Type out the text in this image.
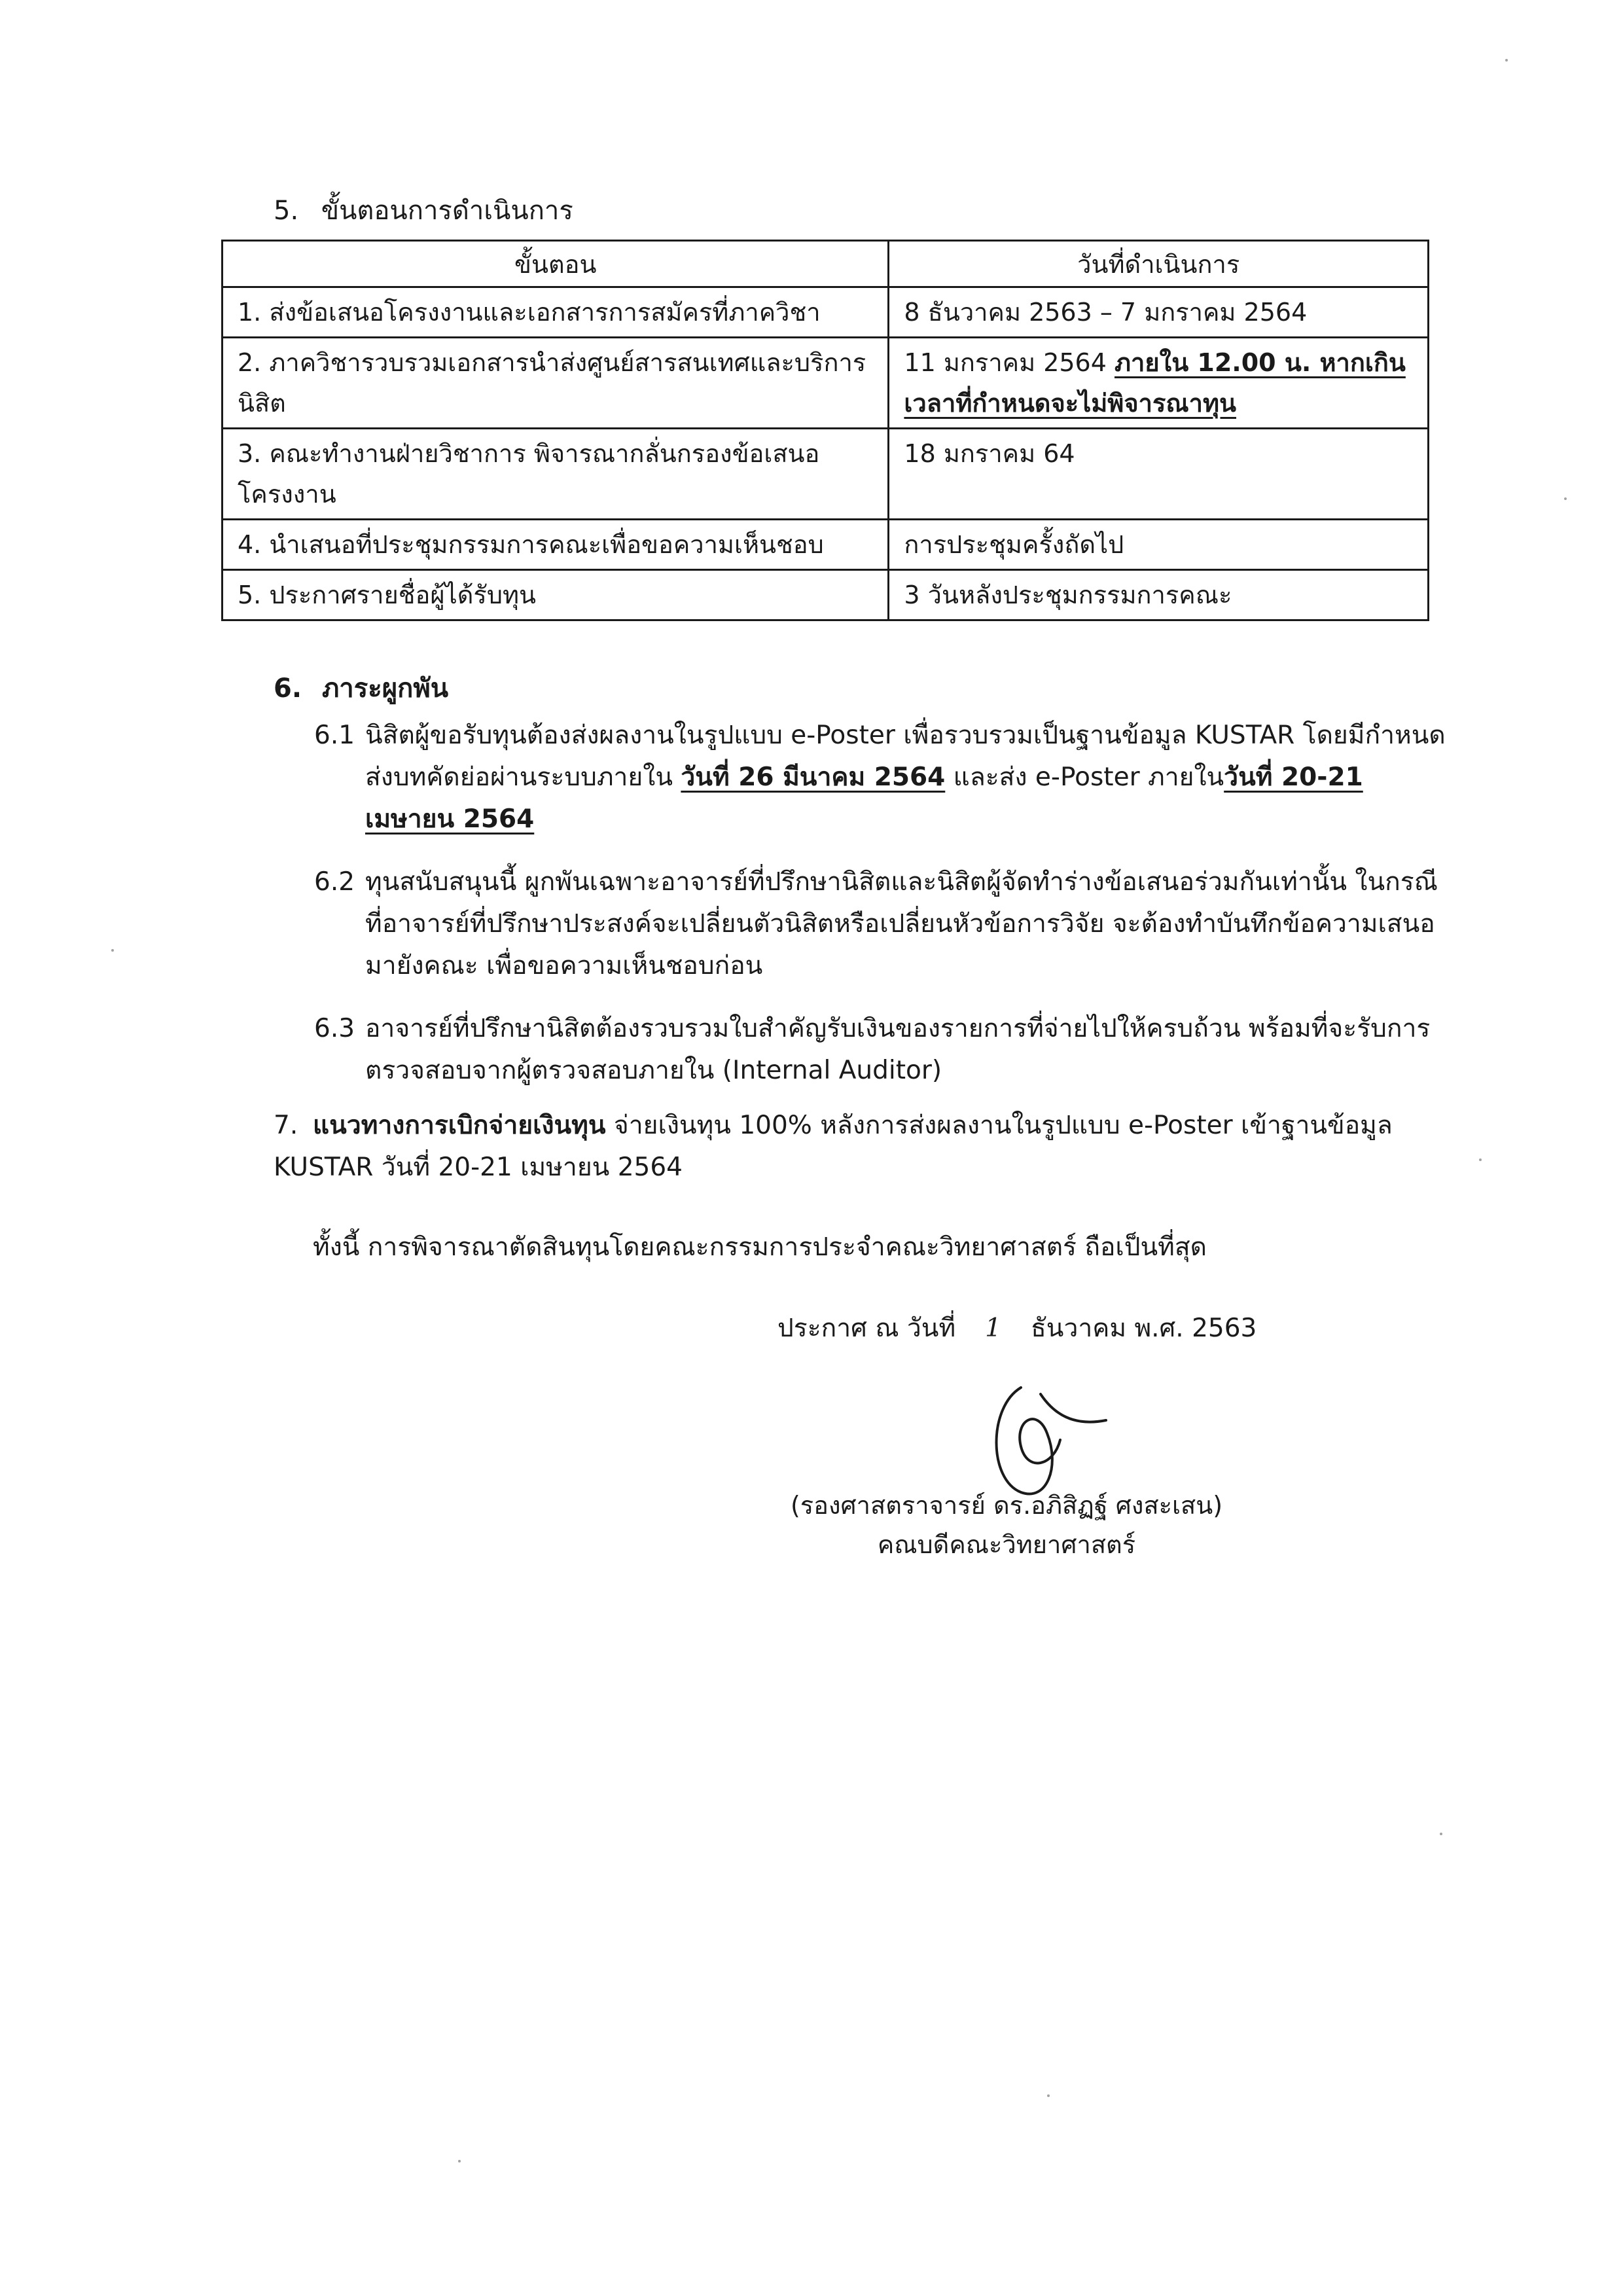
5. ขั้นตอนการดำเนินการ
ขั้นตอน	วันที่ดำเนินการ
1. ส่งข้อเสนอโครงงานและเอกสารการสมัครที่ภาควิชา	8 ธันวาคม 2563 – 7 มกราคม 2564
2. ภาควิชารวบรวมเอกสารนำส่งศูนย์สารสนเทศและบริการนิสิต	11 มกราคม 2564 ภายใน 12.00 น. หากเกินเวลาที่กำหนดจะไม่พิจารณาทุน
3. คณะทำงานฝ่ายวิชาการ พิจารณากลั่นกรองข้อเสนอโครงงาน	18 มกราคม 64
4. นำเสนอที่ประชุมกรรมการคณะเพื่อขอความเห็นชอบ	การประชุมครั้งถัดไป
5. ประกาศรายชื่อผู้ได้รับทุน	3 วันหลังประชุมกรรมการคณะ
6. ภาระผูกพัน
6.1 นิสิตผู้ขอรับทุนต้องส่งผลงานในรูปแบบ e-Poster เพื่อรวบรวมเป็นฐานข้อมูล KUSTAR โดยมีกำหนดส่งบทคัดย่อผ่านระบบภายใน วันที่ 26 มีนาคม 2564 และส่ง e-Poster ภายในวันที่ 20-21 เมษายน 2564
6.2 ทุนสนับสนุนนี้ ผูกพันเฉพาะอาจารย์ที่ปรึกษานิสิตและนิสิตผู้จัดทำร่างข้อเสนอร่วมกันเท่านั้น ในกรณีที่อาจารย์ที่ปรึกษาประสงค์จะเปลี่ยนตัวนิสิตหรือเปลี่ยนหัวข้อการวิจัย จะต้องทำบันทึกข้อความเสนอมายังคณะ เพื่อขอความเห็นชอบก่อน
6.3 อาจารย์ที่ปรึกษานิสิตต้องรวบรวมใบสำคัญรับเงินของรายการที่จ่ายไปให้ครบถ้วน พร้อมที่จะรับการตรวจสอบจากผู้ตรวจสอบภายใน (Internal Auditor)
7. แนวทางการเบิกจ่ายเงินทุน จ่ายเงินทุน 100% หลังการส่งผลงานในรูปแบบ e-Poster เข้าฐานข้อมูล KUSTAR วันที่ 20-21 เมษายน 2564
ทั้งนี้ การพิจารณาตัดสินทุนโดยคณะกรรมการประจำคณะวิทยาศาสตร์ ถือเป็นที่สุด
ประกาศ ณ วันที่ 1 ธันวาคม พ.ศ. 2563
(รองศาสตราจารย์ ดร.อภิสิฏฐ์ ศงสะเสน)
คณบดีคณะวิทยาศาสตร์
